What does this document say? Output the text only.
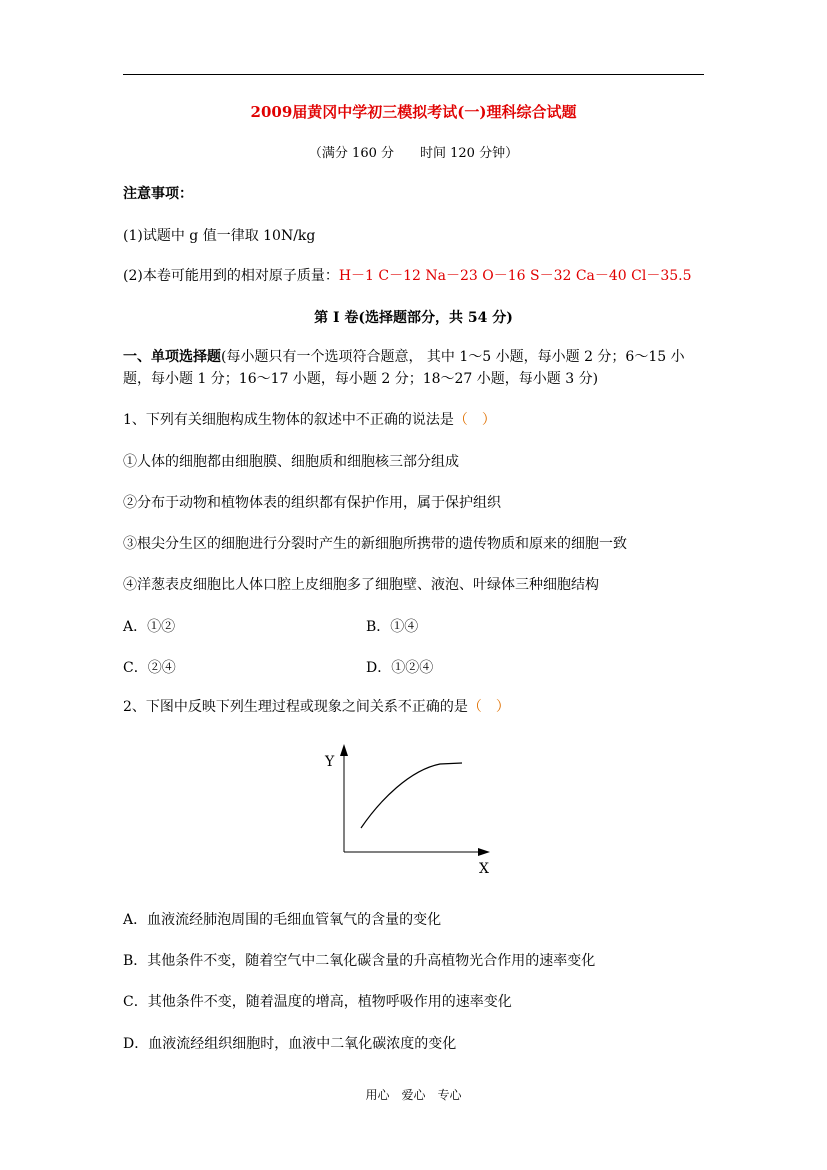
2009届黄冈中学初三模拟考试(一)理科综合试题
（满分 160 分　　时间 120 分钟）
注意事项：
(1)试题中 g 值一律取 10N/kg
(2)本卷可能用到的相对原子质量：H－1 C－12 Na－23 O－16 S－32 Ca－40 Cl－35.5
第 I 卷(选择题部分，共 54 分)
一、单项选择题(每小题只有一个选项符合题意， 其中 1～5 小题，每小题 2 分；6～15 小题，每小题 1 分；16～17 小题，每小题 2 分；18～27 小题，每小题 3 分)
1、下列有关细胞构成生物体的叙述中不正确的说法是（　）
①人体的细胞都由细胞膜、细胞质和细胞核三部分组成
②分布于动物和植物体表的组织都有保护作用，属于保护组织
③根尖分生区的细胞进行分裂时产生的新细胞所携带的遗传物质和原来的细胞一致
④洋葱表皮细胞比人体口腔上皮细胞多了细胞壁、液泡、叶绿体三种细胞结构
A．①②	B．①④
C．②④	D．①②④
2、下图中反映下列生理过程或现象之间关系不正确的是（　）
Y
X
A．血液流经肺泡周围的毛细血管氧气的含量的变化
B．其他条件不变，随着空气中二氧化碳含量的升高植物光合作用的速率变化
C．其他条件不变，随着温度的增高，植物呼吸作用的速率变化
D．血液流经组织细胞时，血液中二氧化碳浓度的变化
用心　爱心　专心
